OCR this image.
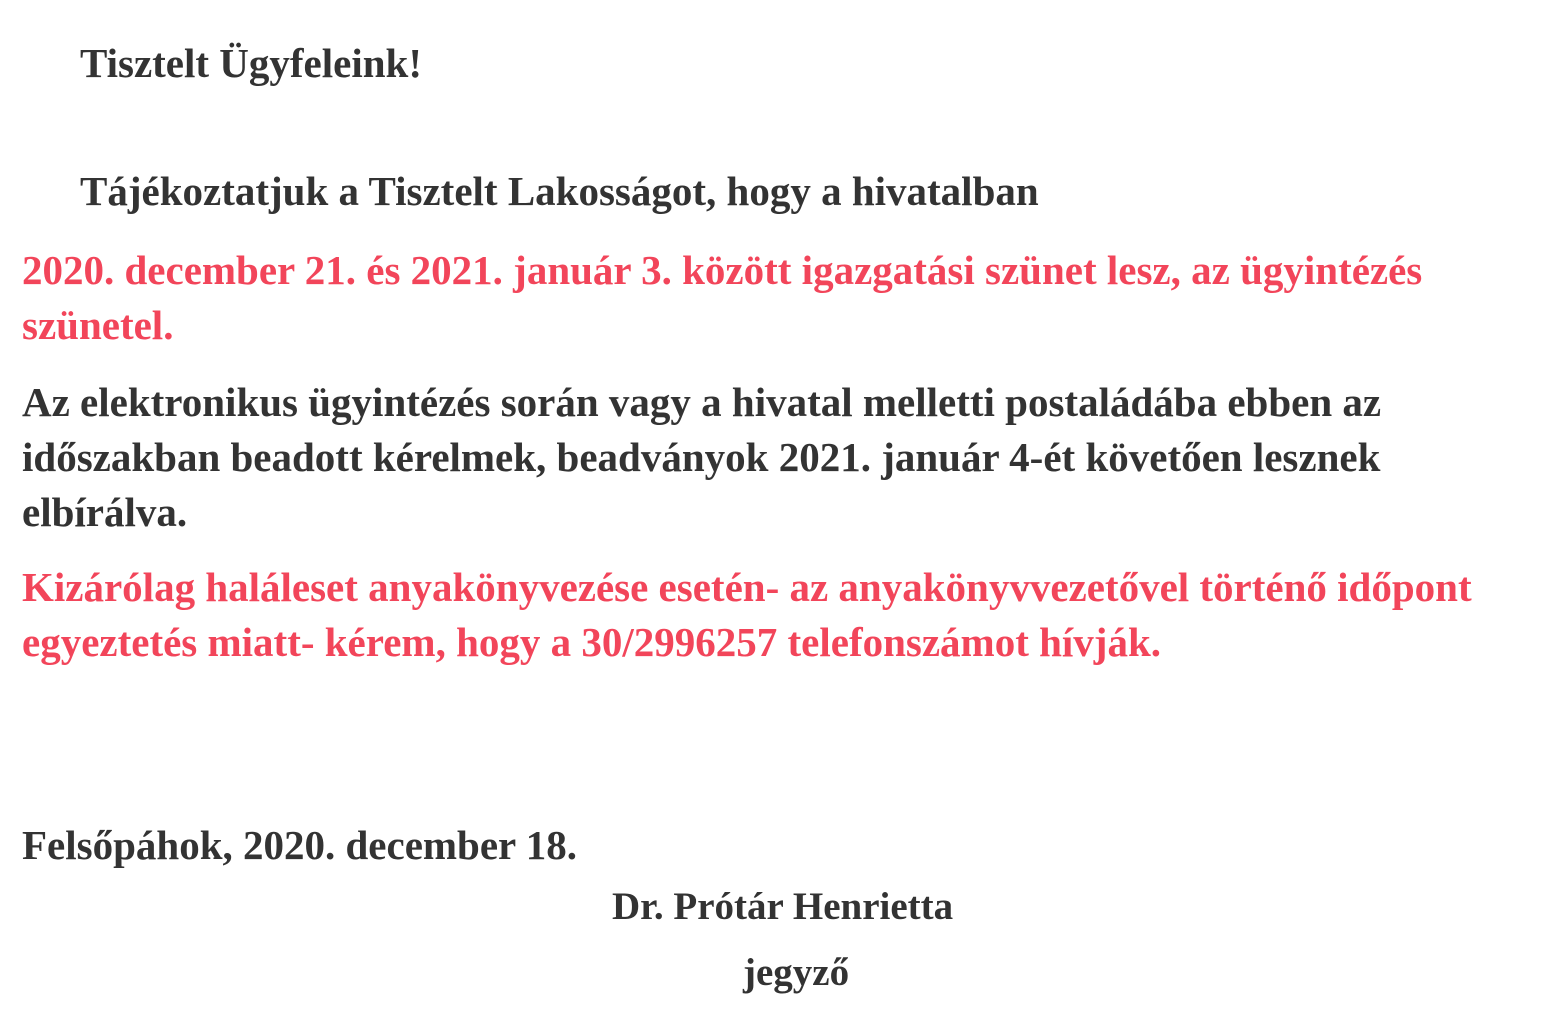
Tisztelt Ügyfeleink!

Tájékoztatjuk a Tisztelt Lakosságot, hogy a hivatalban

2020. december 21. és 2021. január 3. között igazgatási szünet lesz, az ügyintézés szünetel.

Az elektronikus ügyintézés során vagy a hivatal melletti postaládába ebben az időszakban beadott kérelmek, beadványok 2021. január 4-ét követően lesznek elbírálva.

Kizárólag haláleset anyakönyvezése esetén- az anyakönyvvezetővel történő időpont egyeztetés miatt- kérem, hogy a 30/2996257 telefonszámot hívják.

Felsőpáhok, 2020. december 18.

Dr. Prótár Henrietta

jegyző
